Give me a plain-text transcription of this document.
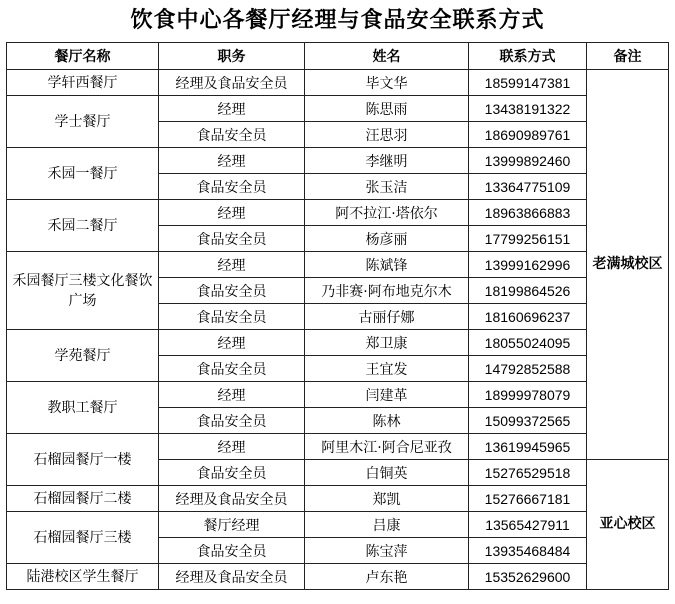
饮食中心各餐厅经理与食品安全联系方式
餐厅名称	职务	姓名	联系方式	备注
学轩西餐厅	经理及食品安全员	毕文华	18599147381	老满城校区
学士餐厅	经理	陈思雨	13438191322	
	食品安全员	汪思羽	18690989761	
禾园一餐厅	经理	李继明	13999892460	
	食品安全员	张玉洁	13364775109	
禾园二餐厅	经理	阿不拉江·塔依尔	18963866883	
	食品安全员	杨彦丽	17799256151	
禾园餐厅三楼文化餐饮广场	经理	陈斌锋	13999162996	
	食品安全员	乃非赛·阿布地克尔木	18199864526	
	食品安全员	古丽仔娜	18160696237	
学苑餐厅	经理	郑卫康	18055024095	
	食品安全员	王宜发	14792852588	
教职工餐厅	经理	闫建革	18999978079	
	食品安全员	陈林	15099372565	
石榴园餐厅一楼	经理	阿里木江·阿合尼亚孜	13619945965	
	食品安全员	白铜英	15276529518	亚心校区
石榴园餐厅二楼	经理及食品安全员	郑凯	15276667181	
石榴园餐厅三楼	餐厅经理	吕康	13565427911	
	食品安全员	陈宝萍	13935468484	
陆港校区学生餐厅	经理及食品安全员	卢东艳	15352629600	
